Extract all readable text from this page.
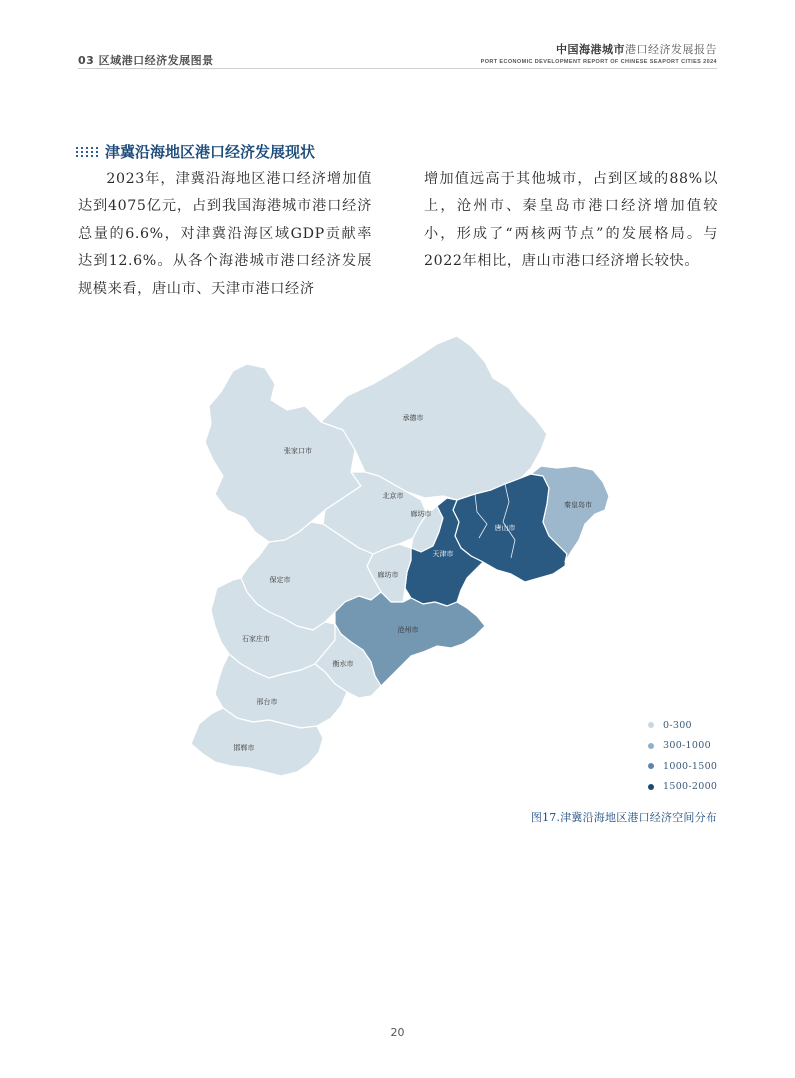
03 区域港口经济发展图景
中国海港城市港口经济发展报告
PORT ECONOMIC DEVELOPMENT REPORT OF CHINESE SEAPORT CITIES 2024
津冀沿海地区港口经济发展现状
2023年，津冀沿海地区港口经济增加值达到4075亿元，占到我国海港城市港口经济总量的6.6%，对津冀沿海区域GDP贡献率达到12.6%。从各个海港城市港口经济发展规模来看，唐山市、天津市港口经济
增加值远高于其他城市，占到区域的88%以上，沧州市、秦皇岛市港口经济增加值较小，形成了“两核两节点”的发展格局。与2022年相比，唐山市港口经济增长较快。
承德市
张家口市
北京市
廊坊市
唐山市
秦皇岛市
天津市
廊坊市
保定市
沧州市
石家庄市
衡水市
邢台市
邯郸市
0-300
300-1000
1000-1500
1500-2000
图17.津冀沿海地区港口经济空间分布
20
